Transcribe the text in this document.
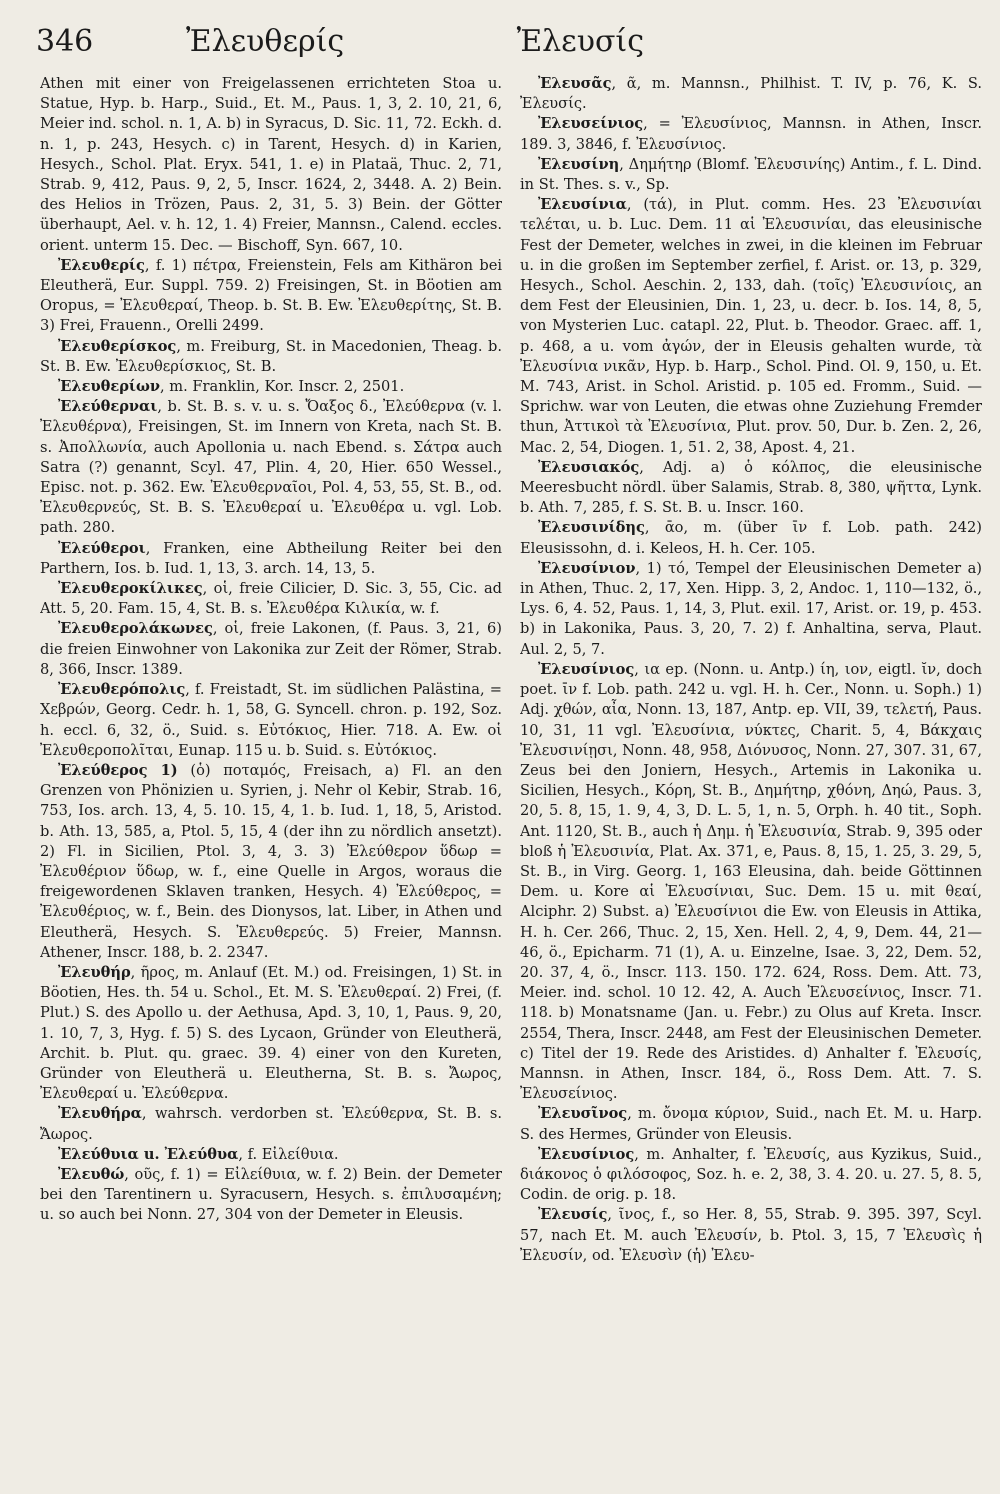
346	Ἐλευθερίς	Ἐλευσίς

Athen mit einer von Freigelassenen errichteten Stoa u. Statue, Hyp. b. Harp., Suid., Et. M., Paus. 1, 3, 2. 10, 21, 6, Meier ind. schol. n. 1, A. b) in Syracus, D. Sic. 11, 72. Eckh. d. n. 1, p. 243, Hesych. c) in Tarent, Hesych. d) in Karien, Hesych., Schol. Plat. Eryx. 541, 1. e) in Plataä, Thuc. 2, 71, Strab. 9, 412, Paus. 9, 2, 5, Inscr. 1624, 2, 3448. A. 2) Bein. des Helios in Trözen, Paus. 2, 31, 5. 3) Bein. der Götter überhaupt, Ael. v. h. 12, 1. 4) Freier, Mannsn., Calend. eccles. orient. unterm 15. Dec. — Bischoff, Syn. 667, 10.

Ἐλευθερίς, f. 1) πέτρα, Freienstein, Fels am Kithäron bei Eleutherä, Eur. Suppl. 759. 2) Freisingen, St. in Böotien am Oropus, = Ἐλευθεραί, Theop. b. St. B. Ew. Ἐλευθερίτης, St. B. 3) Frei, Frauenn., Orelli 2499.

Ἐλευθερίσκος, m. Freiburg, St. in Macedonien, Theag. b. St. B. Ew. Ἐλευθερίσκιος, St. B.

Ἐλευθερίων, m. Franklin, Kor. Inscr. 2, 2501.

Ἐλεύθερναι, b. St. B. s. v. u. s. Ὄαξος δ., Ἐλεύθερνα (v. l. Ἐλευθέρνα), Freisingen, St. im Innern von Kreta, nach St. B. s. Ἀπολλωνία, auch Apollonia u. nach Ebend. s. Σάτρα auch Satra (?) genannt, Scyl. 47, Plin. 4, 20, Hier. 650 Wessel., Episc. not. p. 362. Ew. Ἐλευθερναῖοι, Pol. 4, 53, 55, St. B., od. Ἐλευθερνεύς, St. B. S. Ἐλευθεραί u. Ἐλευθέρα u. vgl. Lob. path. 280.

Ἐλεύθεροι, Franken, eine Abtheilung Reiter bei den Parthern, Ios. b. Iud. 1, 13, 3. arch. 14, 13, 5.

Ἐλευθεροκίλικες, οἱ, freie Cilicier, D. Sic. 3, 55, Cic. ad Att. 5, 20. Fam. 15, 4, St. B. s. Ἐλευθέρα Κιλικία, w. f.

Ἐλευθερολάκωνες, οἱ, freie Lakonen, (f. Paus. 3, 21, 6) die freien Einwohner von Lakonika zur Zeit der Römer, Strab. 8, 366, Inscr. 1389.

Ἐλευθερόπολις, f. Freistadt, St. im südlichen Palästina, = Χεβρών, Georg. Cedr. h. 1, 58, G. Syncell. chron. p. 192, Soz. h. eccl. 6, 32, ö., Suid. s. Εὐτόκιος, Hier. 718. A. Ew. οἱ Ἐλευθεροπολῖται, Eunap. 115 u. b. Suid. s. Εὐτόκιος.

Ἐλεύθερος 1) (ὁ) ποταμός, Freisach, a) Fl. an den Grenzen von Phönizien u. Syrien, j. Nehr ol Kebir, Strab. 16, 753, Ios. arch. 13, 4, 5. 10. 15, 4, 1. b. Iud. 1, 18, 5, Aristod. b. Ath. 13, 585, a, Ptol. 5, 15, 4 (der ihn zu nördlich ansetzt). 2) Fl. in Sicilien, Ptol. 3, 4, 3. 3) Ἐλεύθερον ὕδωρ = Ἐλευθέριον ὕδωρ, w. f., eine Quelle in Argos, woraus die freigewordenen Sklaven tranken, Hesych. 4) Ἐλεύθερος, = Ἐλευθέριος, w. f., Bein. des Dionysos, lat. Liber, in Athen und Eleutherä, Hesych. S. Ἐλευθερεύς. 5) Freier, Mannsn. Athener, Inscr. 188, b. 2. 2347.

Ἐλευθήρ, ῆρος, m. Anlauf (Et. M.) od. Freisingen, 1) St. in Böotien, Hes. th. 54 u. Schol., Et. M. S. Ἐλευθεραί. 2) Frei, (f. Plut.) S. des Apollo u. der Aethusa, Apd. 3, 10, 1, Paus. 9, 20, 1. 10, 7, 3, Hyg. f. 5) S. des Lycaon, Gründer von Eleutherä, Archit. b. Plut. qu. graec. 39. 4) einer von den Kureten, Gründer von Eleutherä u. Eleutherna, St. B. s. Ἄωρος, Ἐλευθεραί u. Ἐλεύθερνα.

Ἐλευθήρα, wahrsch. verdorben st. Ἐλεύθερνα, St. B. s. Ἄωρος.

Ἐλεύθυια u. Ἐλεύθυα, f. Εἰλείθυια.

Ἐλευθώ, οῦς, f. 1) = Εἰλείθυια, w. f. 2) Bein. der Demeter bei den Tarentinern u. Syracusern, Hesych. s. ἐπιλυσαμένη; u. so auch bei Nonn. 27, 304 von der Demeter in Eleusis.

Ἐλευσᾶς, ᾶ, m. Mannsn., Philhist. T. IV, p. 76, K. S. Ἐλευσίς.

Ἐλευσείνιος, = Ἐλευσίνιος, Mannsn. in Athen, Inscr. 189. 3, 3846, f. Ἐλευσίνιος.

Ἐλευσίνη, Δημήτηρ (Blomf. Ἐλευσινίης) Antim., f. L. Dind. in St. Thes. s. v., Sp.

Ἐλευσίνια, (τά), in Plut. comm. Hes. 23 Ἐλευσινίαι τελέται, u. b. Luc. Dem. 11 αἱ Ἐλευσινίαι, das eleusinische Fest der Demeter, welches in zwei, in die kleinen im Februar u. in die großen im September zerfiel, f. Arist. or. 13, p. 329, Hesych., Schol. Aeschin. 2, 133, dah. (τοῖς) Ἐλευσινίοις, an dem Fest der Eleusinien, Din. 1, 23, u. decr. b. Ios. 14, 8, 5, von Mysterien Luc. catapl. 22, Plut. b. Theodor. Graec. aff. 1, p. 468, a u. vom ἀγών, der in Eleusis gehalten wurde, τὰ Ἐλευσίνια νικᾶν, Hyp. b. Harp., Schol. Pind. Ol. 9, 150, u. Et. M. 743, Arist. in Schol. Aristid. p. 105 ed. Fromm., Suid. — Sprichw. war von Leuten, die etwas ohne Zuziehung Fremder thun, Ἀττικοὶ τὰ Ἐλευσίνια, Plut. prov. 50, Dur. b. Zen. 2, 26, Mac. 2, 54, Diogen. 1, 51. 2, 38, Apost. 4, 21.

Ἐλευσιακός, Adj. a) ὁ κόλπος, die eleusinische Meeresbucht nördl. über Salamis, Strab. 8, 380, ψῆττα, Lynk. b. Ath. 7, 285, f. S. St. B. u. Inscr. 160.

Ἐλευσινίδης, ᾱο, m. (über ῑν f. Lob. path. 242) Eleusissohn, d. i. Keleos, H. h. Cer. 105.

Ἐλευσίνιον, 1) τό, Tempel der Eleusinischen Demeter a) in Athen, Thuc. 2, 17, Xen. Hipp. 3, 2, Andoc. 1, 110—132, ö., Lys. 6, 4. 52, Paus. 1, 14, 3, Plut. exil. 17, Arist. or. 19, p. 453. b) in Lakonika, Paus. 3, 20, 7. 2) f. Anhaltina, serva, Plaut. Aul. 2, 5, 7.

Ἐλευσίνιος, ια ep. (Nonn. u. Antp.) ίη, ιον, eigtl. ῐν, doch poet. ῑν f. Lob. path. 242 u. vgl. H. h. Cer., Nonn. u. Soph.) 1) Adj. χθών, αἶα, Nonn. 13, 187, Antp. ep. VII, 39, τελετή, Paus. 10, 31, 11 vgl. Ἐλευσίνια, νύκτες, Charit. 5, 4, Βάκχαις Ἐλευσινίῃσι, Nonn. 48, 958, Διόνυσος, Nonn. 27, 307. 31, 67, Zeus bei den Joniern, Hesych., Artemis in Lakonika u. Sicilien, Hesych., Κόρη, St. B., Δημήτηρ, χθόνη, Δηώ, Paus. 3, 20, 5. 8, 15, 1. 9, 4, 3, D. L. 5, 1, n. 5, Orph. h. 40 tit., Soph. Ant. 1120, St. B., auch ἡ Δημ. ἡ Ἐλευσινία, Strab. 9, 395 oder bloß ἡ Ἐλευσινία, Plat. Ax. 371, e, Paus. 8, 15, 1. 25, 3. 29, 5, St. B., in Virg. Georg. 1, 163 Eleusina, dah. beide Göttinnen Dem. u. Kore αἱ Ἐλευσίνιαι, Suc. Dem. 15 u. mit θεαί, Alciphr. 2) Subst. a) Ἐλευσίνιοι die Ew. von Eleusis in Attika, H. h. Cer. 266, Thuc. 2, 15, Xen. Hell. 2, 4, 9, Dem. 44, 21—46, ö., Epicharm. 71 (1), A. u. Einzelne, Isae. 3, 22, Dem. 52, 20. 37, 4, ö., Inscr. 113. 150. 172. 624, Ross. Dem. Att. 73, Meier. ind. schol. 10 12. 42, A. Auch Ἐλευσείνιος, Inscr. 71. 118. b) Monatsname (Jan. u. Febr.) zu Olus auf Kreta. Inscr. 2554, Thera, Inscr. 2448, am Fest der Eleusinischen Demeter. c) Titel der 19. Rede des Aristides. d) Anhalter f. Ἐλευσίς, Mannsn. in Athen, Inscr. 184, ö., Ross Dem. Att. 7. S. Ἐλευσείνιος.

Ἐλευσῖνος, m. ὄνομα κύριον, Suid., nach Et. M. u. Harp. S. des Hermes, Gründer von Eleusis.

Ἐλευσίνιος, m. Anhalter, f. Ἐλευσίς, aus Kyzikus, Suid., διάκονος ὁ φιλόσοφος, Soz. h. e. 2, 38, 3. 4. 20. u. 27. 5, 8. 5, Codin. de orig. p. 18.

Ἐλευσίς, ῖνος, f., so Her. 8, 55, Strab. 9. 395. 397, Scyl. 57, nach Et. M. auch Ἐλευσίν, b. Ptol. 3, 15, 7 Ἐλευσὶς ἡ Ἐλευσίν, od. Ἐλευσὶν (ἡ) Ἐλευ-
